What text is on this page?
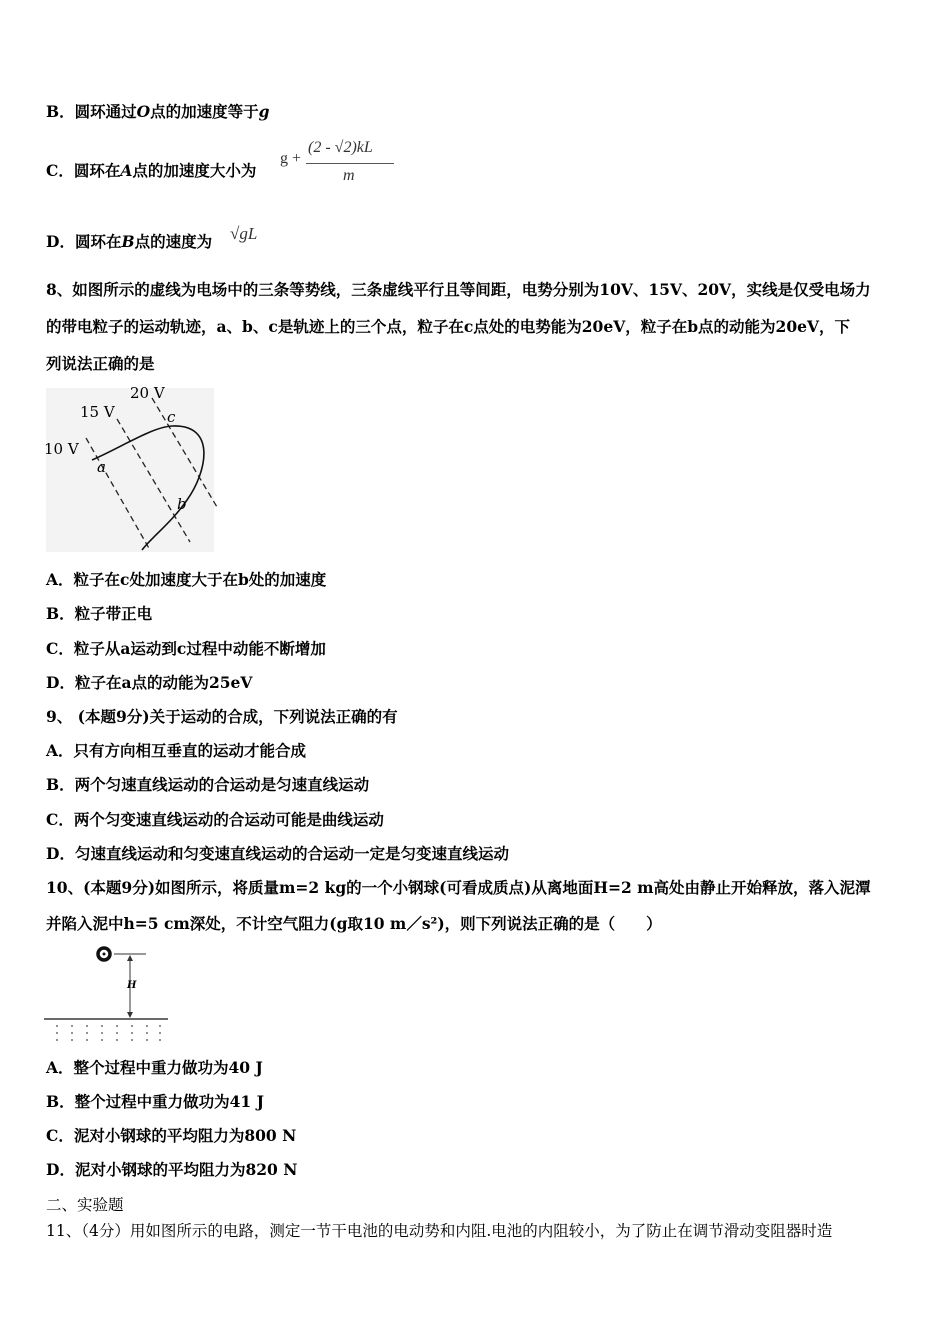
B．圆环通过O点的加速度等于g
C．圆环在A点的加速度大小为
g +
(2 - √2)kL
m
D．圆环在B点的速度为 √gL
8、如图所示的虚线为电场中的三条等势线，三条虚线平行且等间距，电势分别为10V、15V、20V，实线是仅受电场力
的带电粒子的运动轨迹，a、b、c是轨迹上的三个点，粒子在c点处的电势能为20eV，粒子在b点的动能为20eV，下
列说法正确的是
10 V
15 V
20 V
a
b
c
A．粒子在c处加速度大于在b处的加速度
B．粒子带正电
C．粒子从a运动到c过程中动能不断增加
D．粒子在a点的动能为25eV
9、 (本题9分)关于运动的合成，下列说法正确的有
A．只有方向相互垂直的运动才能合成
B．两个匀速直线运动的合运动是匀速直线运动
C．两个匀变速直线运动的合运动可能是曲线运动
D．匀速直线运动和匀变速直线运动的合运动一定是匀变速直线运动
10、(本题9分)如图所示，将质量m=2 kg的一个小钢球(可看成质点)从离地面H=2 m高处由静止开始释放，落入泥潭
并陷入泥中h=5 cm深处，不计空气阻力(g取10 m／s²)，则下列说法正确的是（　　）
H
A．整个过程中重力做功为40 J
B．整个过程中重力做功为41 J
C．泥对小钢球的平均阻力为800 N
D．泥对小钢球的平均阻力为820 N
二、实验题
11、（4分）用如图所示的电路，测定一节干电池的电动势和内阻.电池的内阻较小，为了防止在调节滑动变阻器时造
